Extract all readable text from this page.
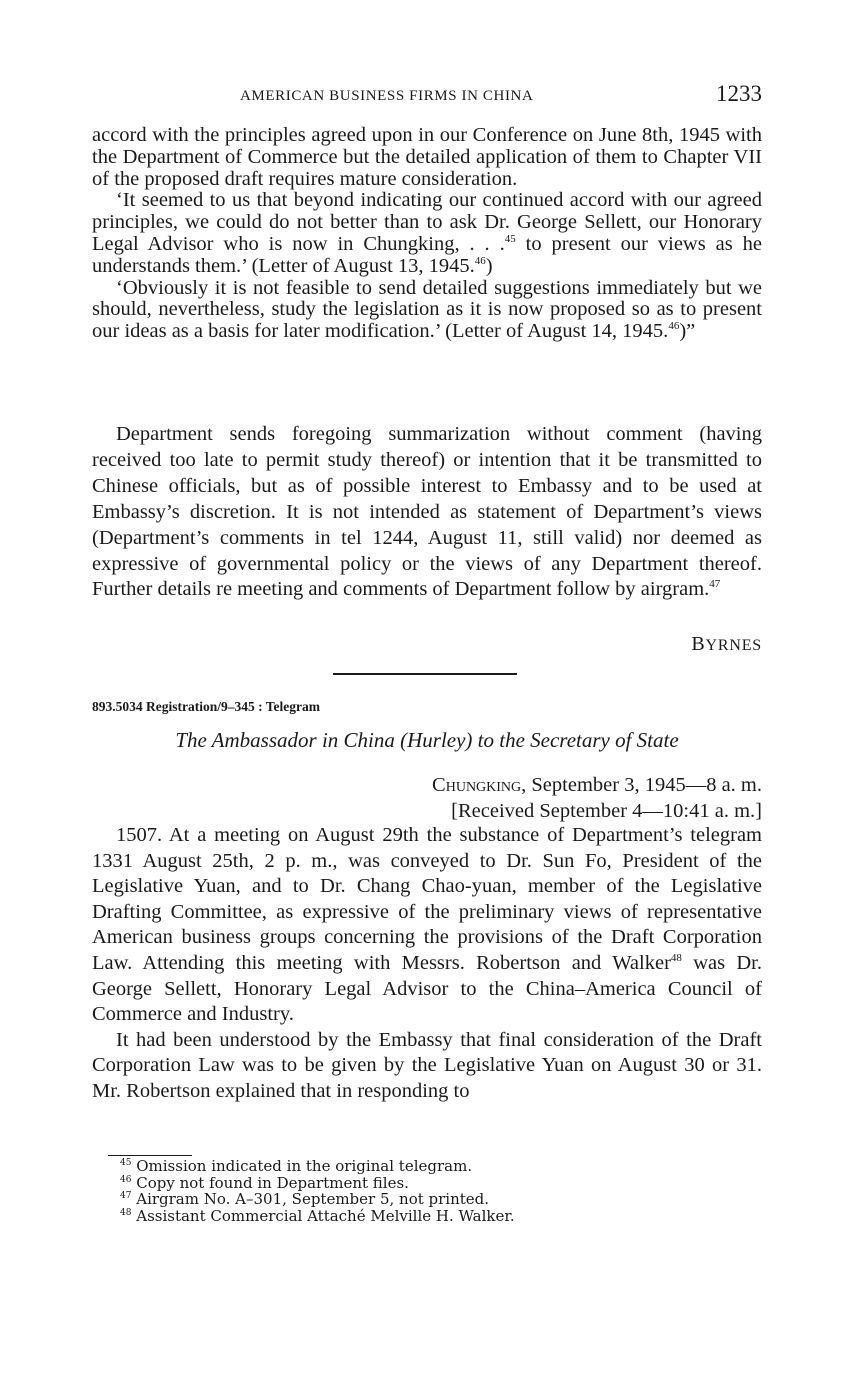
AMERICAN BUSINESS FIRMS IN CHINA	1233

accord with the principles agreed upon in our Conference on June 8th, 1945 with the Department of Commerce but the detailed application of them to Chapter VII of the proposed draft requires mature consideration.

‘It seemed to us that beyond indicating our continued accord with our agreed principles, we could do not better than to ask Dr. George Sellett, our Honorary Legal Advisor who is now in Chungking, . . .$^{45}$ to present our views as he understands them.’ (Letter of August 13, 1945.46)

‘Obviously it is not feasible to send detailed suggestions immediately but we should, nevertheless, study the legislation as it is now proposed so as to present our ideas as a basis for later modification.’ (Letter of August 14, 1945.46)”

Department sends foregoing summarization without comment (having received too late to permit study thereof) or intention that it be transmitted to Chinese officials, but as of possible interest to Embassy and to be used at Embassy’s discretion. It is not intended as statement of Department’s views (Department’s comments in tel 1244, August 11, still valid) nor deemed as expressive of governmental policy or the views of any Department thereof. Further details re meeting and comments of Department follow by airgram.$^{47}$

BYRNES
893.5034 Registration/9–345 : Telegram
The Ambassador in China (Hurley) to the Secretary of State
Chungking, September 3, 1945—8 a. m.
[Received September 4—10:41 a. m.]

1507. At a meeting on August 29th the substance of Department’s telegram 1331 August 25th, 2 p. m., was conveyed to Dr. Sun Fo, President of the Legislative Yuan, and to Dr. Chang Chao-yuan, member of the Legislative Drafting Committee, as expressive of the preliminary views of representative American business groups concerning the provisions of the Draft Corporation Law. Attending this meeting with Messrs. Robertson and Walker$^{48}$ was Dr. George Sellett, Honorary Legal Advisor to the China–America Council of Commerce and Industry.

It had been understood by the Embassy that final consideration of the Draft Corporation Law was to be given by the Legislative Yuan on August 30 or 31. Mr. Robertson explained that in responding to

$^{45}$ Omission indicated in the original telegram.
$^{46}$ Copy not found in Department files.
$^{47}$ Airgram No. A–301, September 5, not printed.
$^{48}$ Assistant Commercial Attaché Melville H. Walker.
